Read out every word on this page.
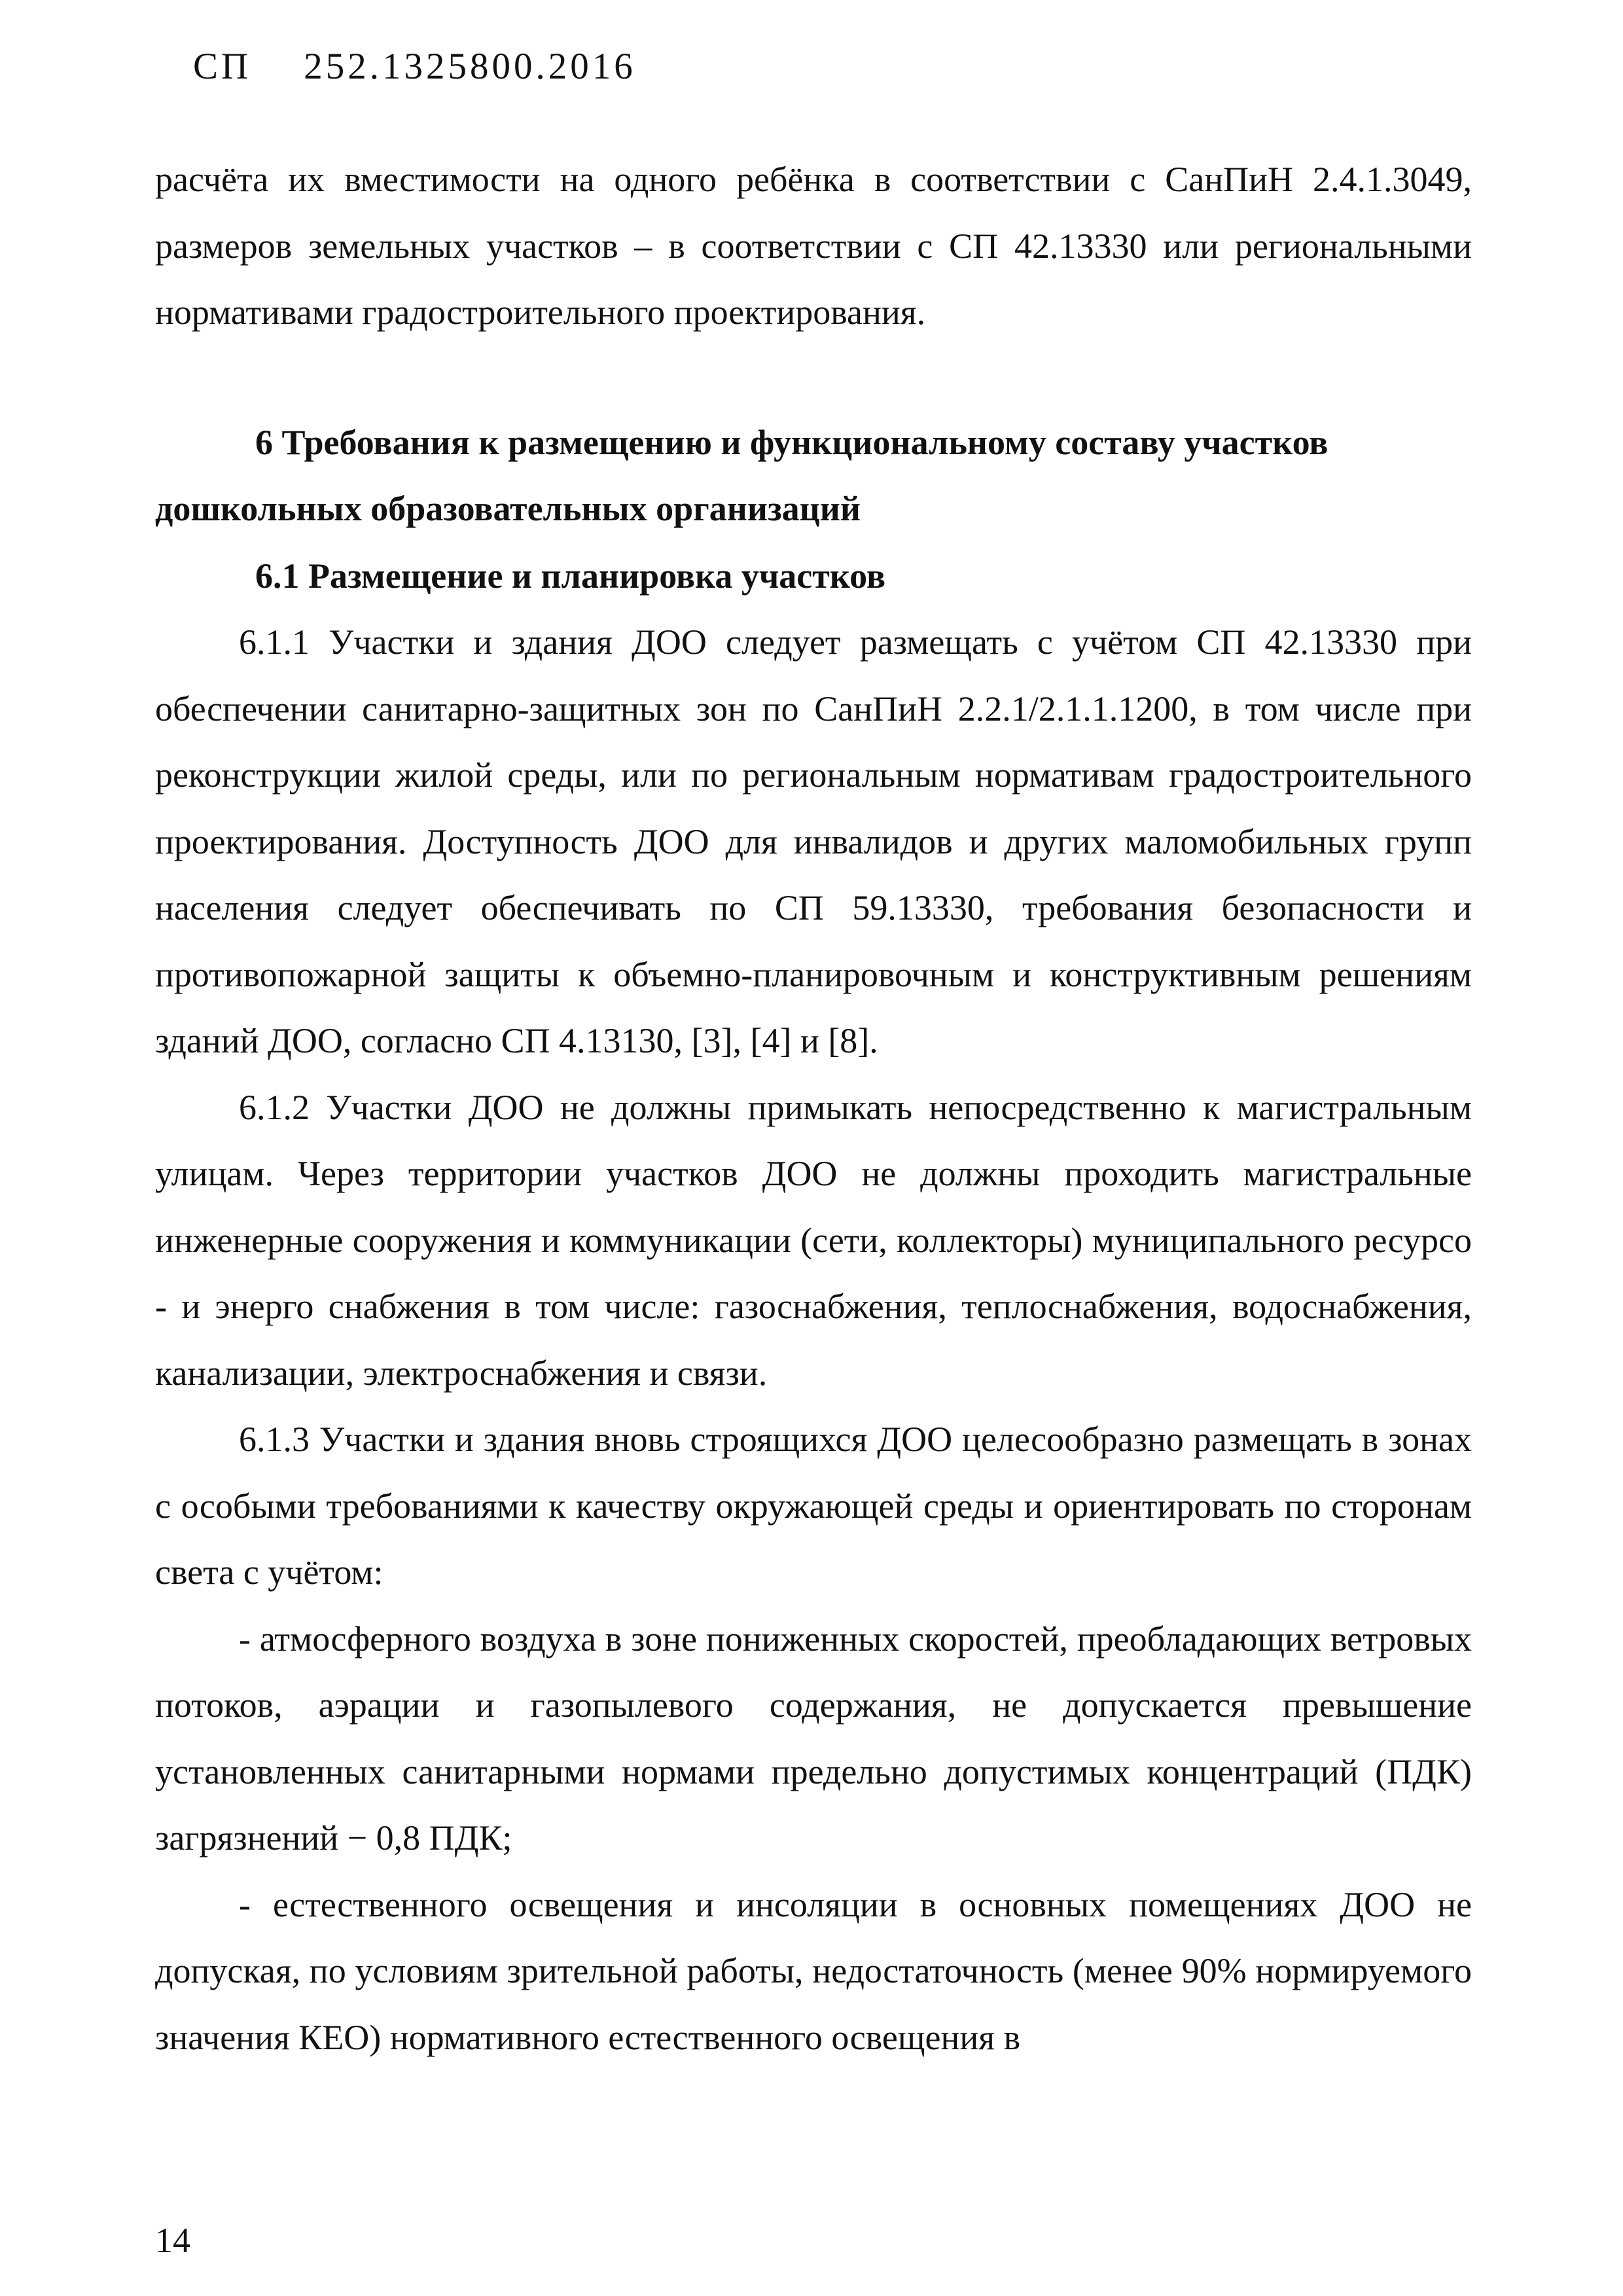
СП 252.1325800.2016

расчёта их вместимости на одного ребёнка в соответствии с СанПиН 2.4.1.3049, размеров земельных участков – в соответствии с СП 42.13330 или региональными нормативами градостроительного проектирования.

6 Требования к размещению и функциональному составу участков
дошкольных образовательных организаций
6.1 Размещение и планировка участков

6.1.1 Участки и здания ДОО следует размещать с учётом СП 42.13330 при обеспечении санитарно-защитных зон по СанПиН 2.2.1/2.1.1.1200, в том числе при реконструкции жилой среды, или по региональным нормативам градостроительного проектирования. Доступность ДОО для инвалидов и других маломобильных групп населения следует обеспечивать по СП 59.13330, требования безопасности и противопожарной защиты к объемно-планировочным и конструктивным решениям зданий ДОО, согласно СП 4.13130, [3], [4] и [8].

6.1.2 Участки ДОО не должны примыкать непосредственно к магистральным улицам. Через территории участков ДОО не должны проходить магистральные инженерные сооружения и коммуникации (сети, коллекторы) муниципального ресурсо - и энерго снабжения в том числе: газоснабжения, теплоснабжения, водоснабжения, канализации, электроснабжения и связи.

6.1.3 Участки и здания вновь строящихся ДОО целесообразно размещать в зонах с особыми требованиями к качеству окружающей среды и ориентировать по сторонам света с учётом:

- атмосферного воздуха в зоне пониженных скоростей, преобладающих ветровых потоков, аэрации и газопылевого содержания, не допускается превышение установленных санитарными нормами предельно допустимых концентраций (ПДК) загрязнений − 0,8 ПДК;

- естественного освещения и инсоляции в основных помещениях ДОО не допуская, по условиям зрительной работы, недостаточность (менее 90% нормируемого значения КЕО) нормативного естественного освещения в

14
